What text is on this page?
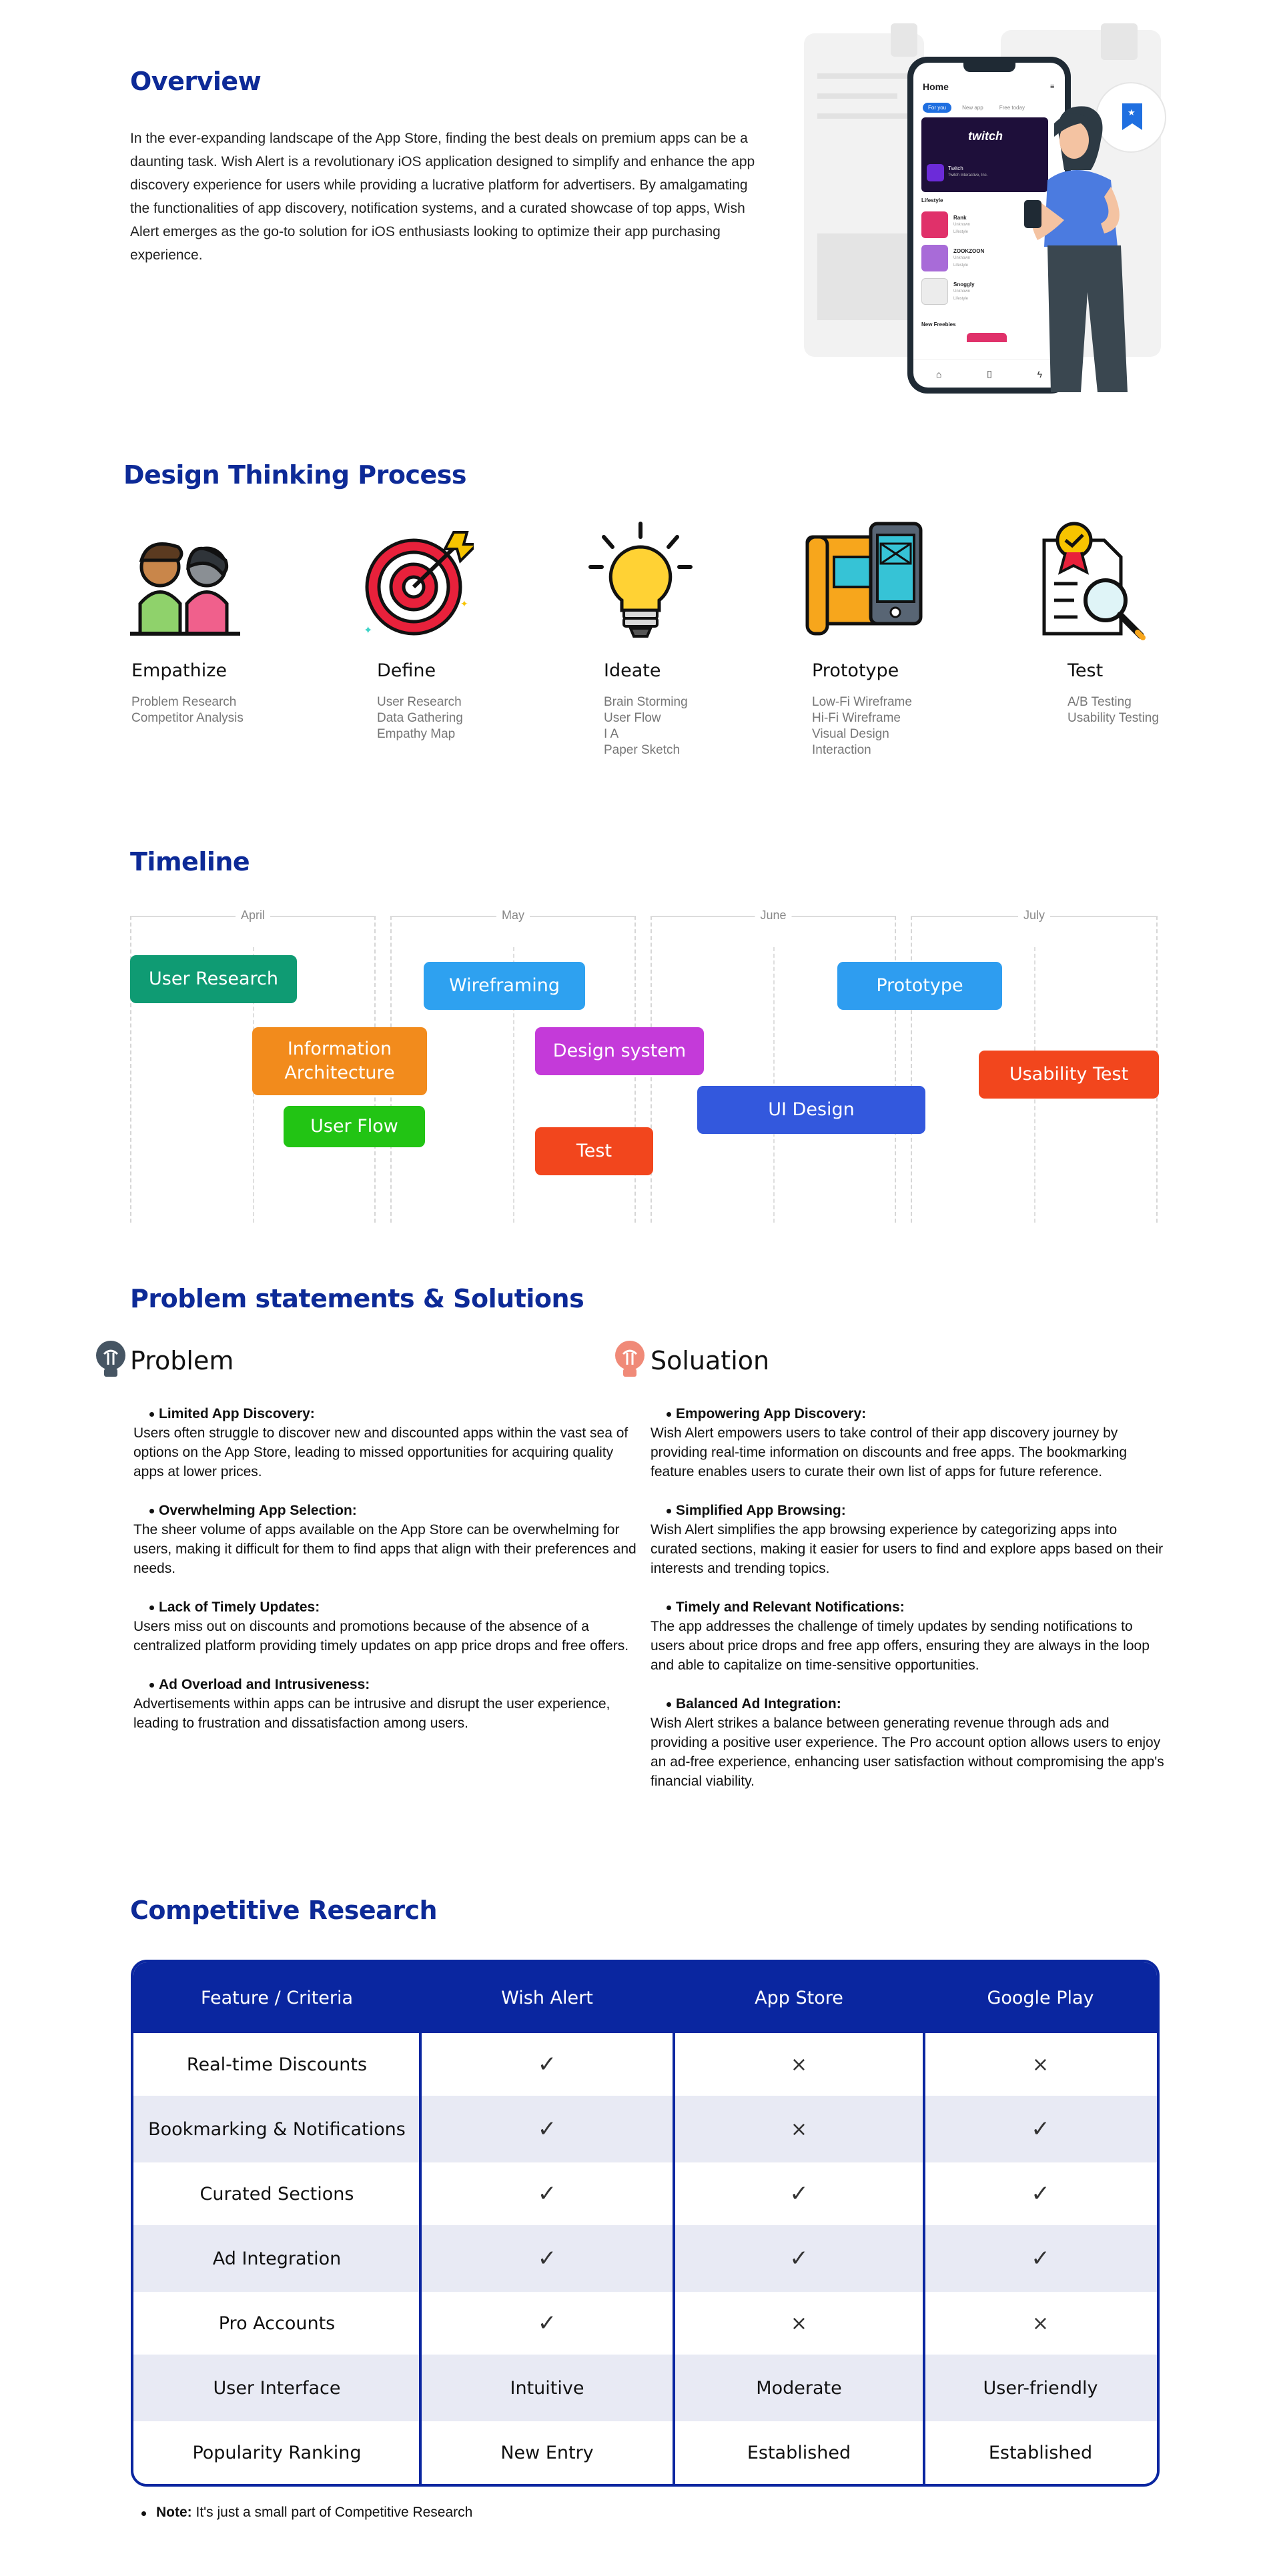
Overview

In the ever-expanding landscape of the App Store, finding the best deals on premium apps can be a daunting task. Wish Alert is a revolutionary iOS application designed to simplify and enhance the app discovery experience for users while providing a lucrative platform for advertisers. By amalgamating the functionalities of app discovery, notification systems, and a curated showcase of top apps, Wish Alert emerges as the go-to solution for iOS enthusiasts looking to optimize their app purchasing experience.

Home	≡
For you	New app	Free today
twitch
Twitch
Twitch Interactive, Inc.
Lifestyle
Rank
Unknown
Lifestyle
ZOOKZOON
Unknown
Lifestyle
Snoggly
Unknown
Lifestyle
New Freebies
⌂	▯	ϟ
★
Design Thinking Process
✦
✦
Empathize
Problem Research
Competitor Analysis
Define
User Research
Data Gathering
Empathy Map
Ideate
Brain Storming
User Flow
I A
Paper Sketch
Prototype
Low-Fi Wireframe
Hi-Fi Wireframe
Visual Design
Interaction
Test
A/B Testing
Usability Testing
Timeline
April	May	June	July
User Research
Information Architecture
User Flow
Wireframing
Design system
Test
UI Design
Prototype
Usability Test
Problem statements & Solutions
Problem	Soluation
Limited App Discovery:
Users often struggle to discover new and discounted apps within the vast sea of options on the App Store, leading to missed opportunities for acquiring quality apps at lower prices.
Overwhelming App Selection:
The sheer volume of apps available on the App Store can be overwhelming for users, making it difficult for them to find apps that align with their preferences and needs.
Lack of Timely Updates:
Users miss out on discounts and promotions because of the absence of a centralized platform providing timely updates on app price drops and free offers.
Ad Overload and Intrusiveness:
Advertisements within apps can be intrusive and disrupt the user experience, leading to frustration and dissatisfaction among users.
Empowering App Discovery:
Wish Alert empowers users to take control of their app discovery journey by providing real-time information on discounts and free apps. The bookmarking feature enables users to curate their own list of apps for future reference.
Simplified App Browsing:
Wish Alert simplifies the app browsing experience by categorizing apps into curated sections, making it easier for users to find and explore apps based on their interests and trending topics.
Timely and Relevant Notifications:
The app addresses the challenge of timely updates by sending notifications to users about price drops and free app offers, ensuring they are always in the loop and able to capitalize on time-sensitive opportunities.
Balanced Ad Integration:
Wish Alert strikes a balance between generating revenue through ads and providing a positive user experience. The Pro account option allows users to enjoy an ad-free experience, enhancing user satisfaction without compromising the app's financial viability.
Competitive Research
Feature / Criteria	Wish Alert	App Store	Google Play
Real-time Discounts	✓	×	×
Bookmarking & Notifications	✓	×	✓
Curated Sections	✓	✓	✓
Ad Integration	✓	✓	✓
Pro Accounts	✓	×	×
User Interface	Intuitive	Moderate	User-friendly
Popularity Ranking	New Entry	Established	Established
Note: It's just a small part of Competitive Research
